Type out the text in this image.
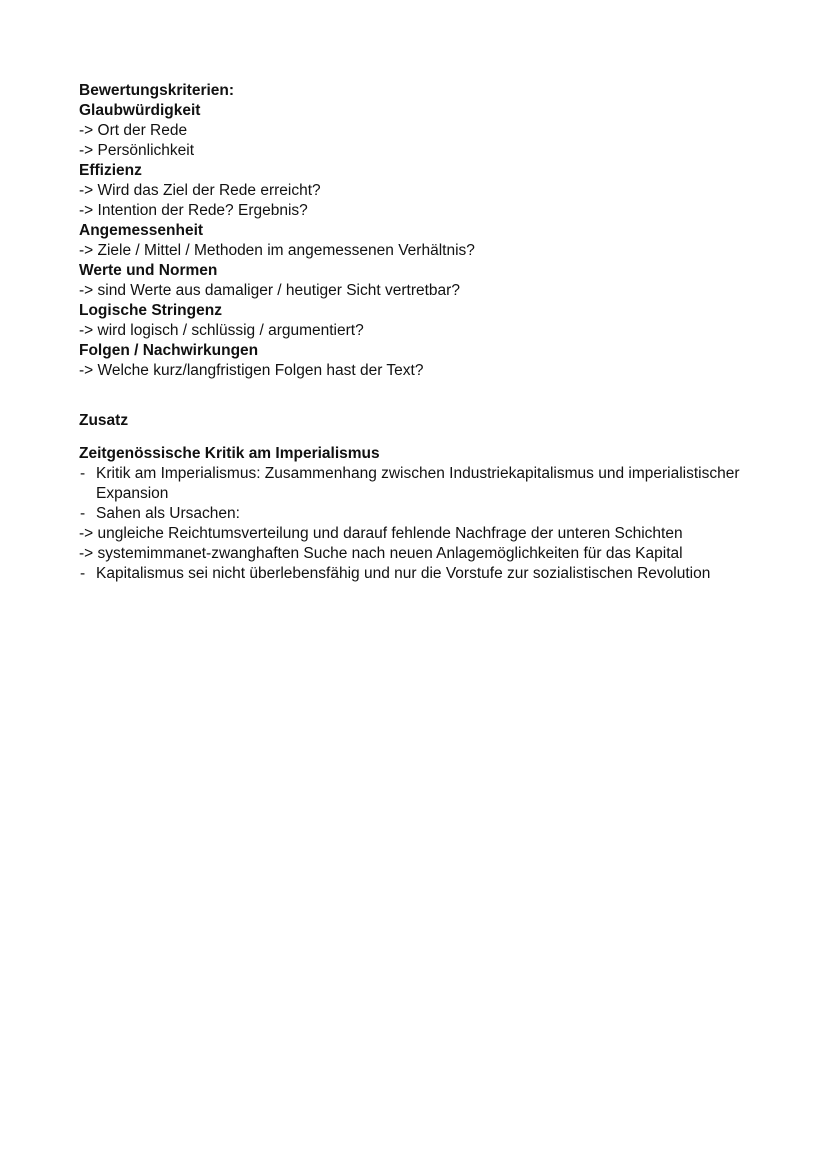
Bewertungskriterien:
Glaubwürdigkeit
-> Ort der Rede
-> Persönlichkeit
Effizienz
-> Wird das Ziel der Rede erreicht?
-> Intention der Rede? Ergebnis?
Angemessenheit
-> Ziele / Mittel / Methoden im angemessenen Verhältnis?
Werte und Normen
-> sind Werte aus damaliger / heutiger Sicht vertretbar?
Logische Stringenz
-> wird logisch / schlüssig / argumentiert?
Folgen / Nachwirkungen
-> Welche kurz/langfristigen Folgen hast der Text?
Zusatz
Zeitgenössische Kritik am Imperialismus
- Kritik am Imperialismus: Zusammenhang zwischen Industriekapitalismus und imperialistischer Expansion
- Sahen als Ursachen:
-> ungleiche Reichtumsverteilung und darauf fehlende Nachfrage der unteren Schichten
-> systemimmanet-zwanghaften Suche nach neuen Anlagemöglichkeiten für das Kapital
- Kapitalismus sei nicht überlebensfähig und nur die Vorstufe zur sozialistischen Revolution
